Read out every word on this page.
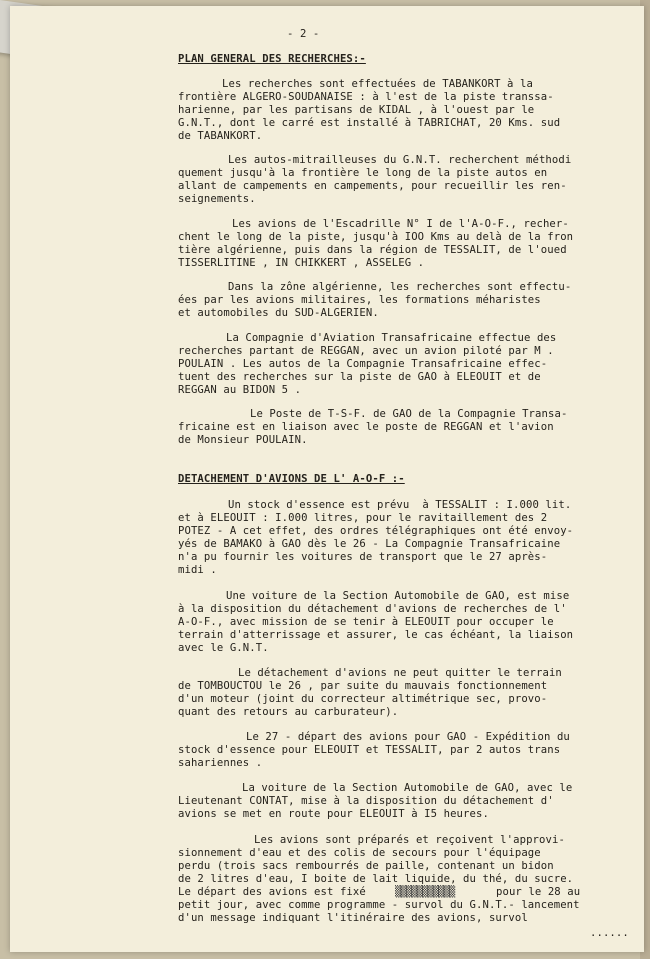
- 2 -
PLAN GENERAL DES RECHERCHES:-
Les recherches sont effectuées de TABANKORT à la
frontière ALGERO-SOUDANAISE : à l'est de la piste transsa-
harienne, par les partisans de KIDAL , à l'ouest par le
G.N.T., dont le carré est installé à TABRICHAT, 20 Kms. sud
de TABANKORT.
Les autos-mitrailleuses du G.N.T. recherchent méthodi
quement jusqu'à la frontière le long de la piste autos en
allant de campements en campements, pour recueillir les ren-
seignements.
Les avions de l'Escadrille N° I de l'A-O-F., recher-
chent le long de la piste, jusqu'à IOO Kms au delà de la fron
tière algérienne, puis dans la région de TESSALIT, de l'oued
TISSERLITINE , IN CHIKKERT , ASSELEG .
Dans la zône algérienne, les recherches sont effectu-
ées par les avions militaires, les formations méharistes
et automobiles du SUD-ALGERIEN.
La Compagnie d'Aviation Transafricaine effectue des
recherches partant de REGGAN, avec un avion piloté par M .
POULAIN . Les autos de la Compagnie Transafricaine effec-
tuent des recherches sur la piste de GAO à ELEOUIT et de
REGGAN au BIDON 5 .
Le Poste de T-S-F. de GAO de la Compagnie Transa-
fricaine est en liaison avec le poste de REGGAN et l'avion
de Monsieur POULAIN.
DETACHEMENT D'AVIONS DE L' A-O-F :-
Un stock d'essence est prévu  à TESSALIT : I.000 lit.
et à ELEOUIT : I.000 litres, pour le ravitaillement des 2
POTEZ - A cet effet, des ordres télégraphiques ont été envoy-
yés de BAMAKO à GAO dès le 26 - La Compagnie Transafricaine
n'a pu fournir les voitures de transport que le 27 après-
midi .
Une voiture de la Section Automobile de GAO, est mise
à la disposition du détachement d'avions de recherches de l'
A-O-F., avec mission de se tenir à ELEOUIT pour occuper le
terrain d'atterrissage et assurer, le cas échéant, la liaison
avec le G.N.T.
Le détachement d'avions ne peut quitter le terrain
de TOMBOUCTOU le 26 , par suite du mauvais fonctionnement
d'un moteur (joint du correcteur altimétrique sec, provo-
quant des retours au carburateur).
Le 27 - départ des avions pour GAO - Expédition du
stock d'essence pour ELEOUIT et TESSALIT, par 2 autos trans
sahariennes .
La voiture de la Section Automobile de GAO, avec le
Lieutenant CONTAT, mise à la disposition du détachement d'
avions se met en route pour ELEOUIT à I5 heures.
Les avions sont préparés et reçoivent l'approvi-
sionnement d'eau et des colis de secours pour l'équipage
perdu (trois sacs rembourrés de paille, contenant un bidon
de 2 litres d'eau, I boite de lait liquide, du thé, du sucre.
Le départ des avions est fixé	▒▒▒▒▒▒▒▒▒▒▒	pour le 28 au
petit jour, avec comme programme - survol du G.N.T.- lancement
d'un message indiquant l'itinéraire des avions, survol
......
